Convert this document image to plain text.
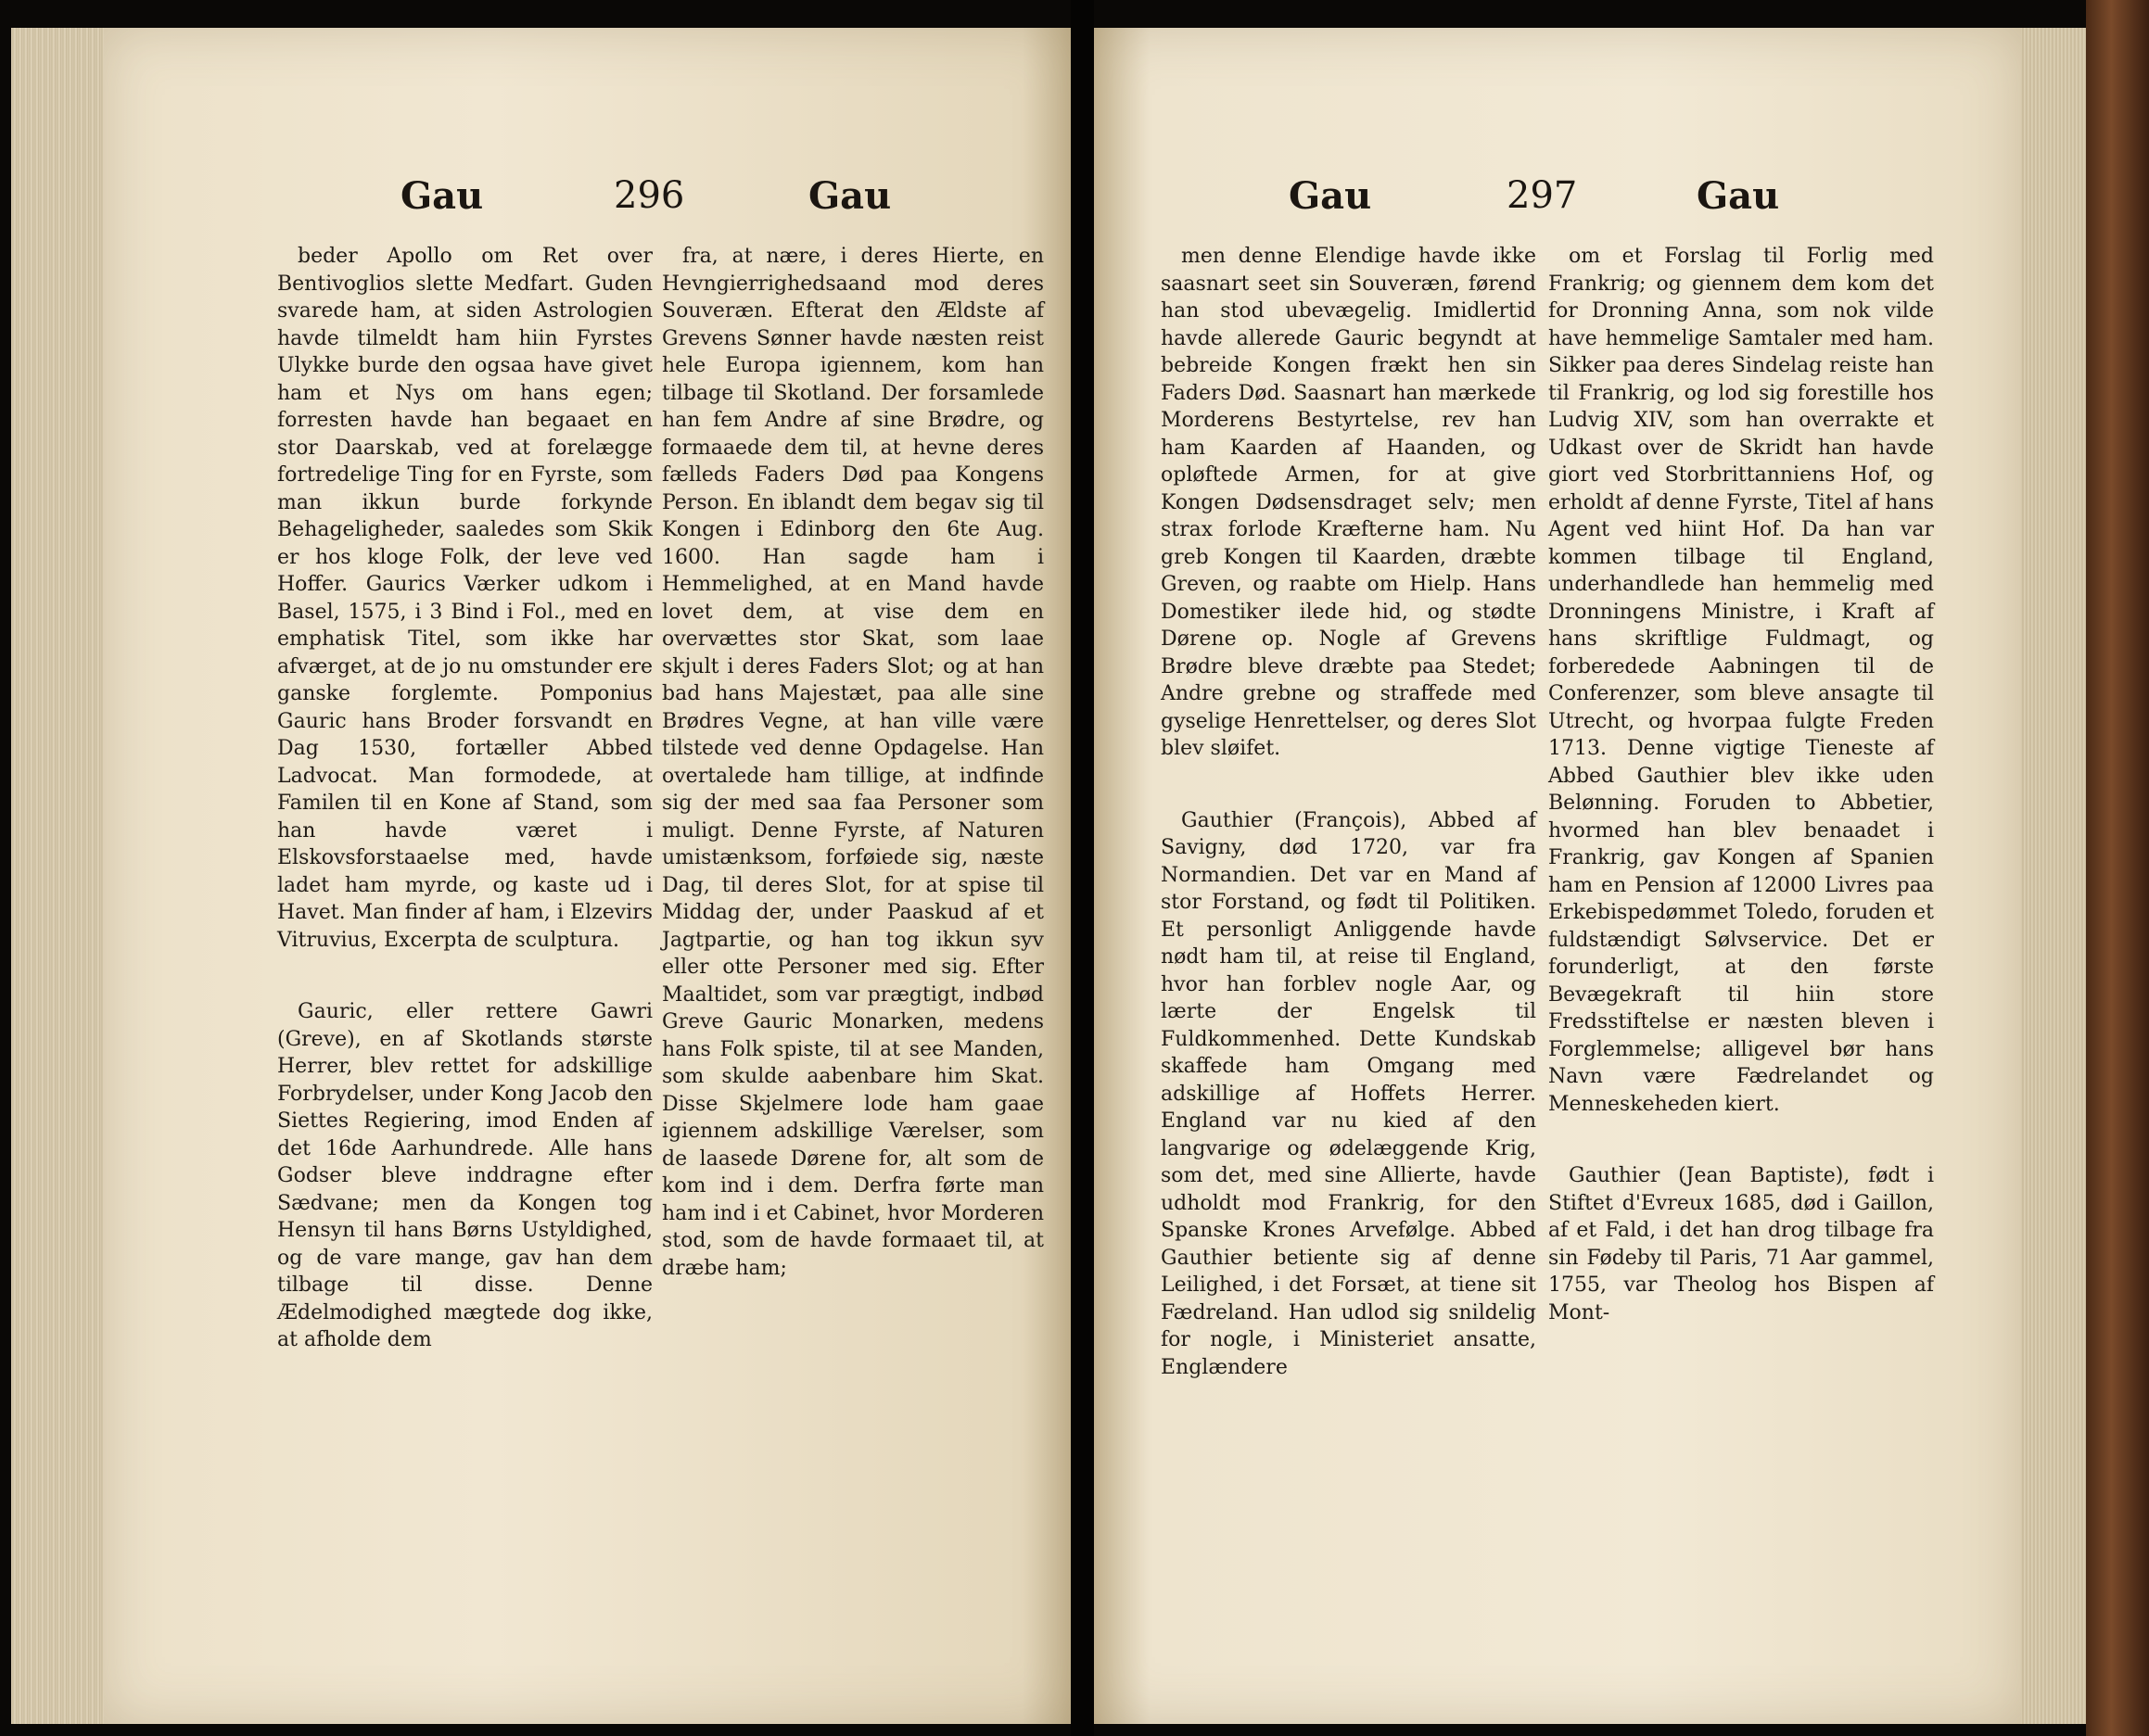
Gau	296	Gau

beder Apollo om Ret over Bentivoglios slette Medfart. Guden svarede ham, at siden Astrologien havde tilmeldt ham hiin Fyrstes Ulykke burde den ogsaa have givet ham et Nys om hans egen; forresten havde han begaaet en stor Daarskab, ved at forelægge fortredelige Ting for en Fyrste, som man ikkun burde forkynde Behageligheder, saaledes som Skik er hos kloge Folk, der leve ved Hoffer. Gaurics Værker udkom i Basel, 1575, i 3 Bind i Fol., med en emphatisk Titel, som ikke har afværget, at de jo nu omstunder ere ganske forglemte. Pomponius Gauric hans Broder forsvandt en Dag 1530, fortæller Abbed Ladvocat. Man formodede, at Familen til en Kone af Stand, som han havde været i Elskovsforstaaelse med, havde ladet ham myrde, og kaste ud i Havet. Man finder af ham, i Elzevirs Vitruvius, Excerpta de sculptura.

Gauric, eller rettere Gawri (Greve), en af Skotlands største Herrer, blev rettet for adskillige Forbrydelser, under Kong Jacob den Siettes Regiering, imod Enden af det 16de Aarhundrede. Alle hans Godser bleve inddragne efter Sædvane; men da Kongen tog Hensyn til hans Børns Ustyldighed, og de vare mange, gav han dem tilbage til disse. Denne Ædelmodighed mægtede dog ikke, at afholde dem

fra, at nære, i deres Hierte, en Hevngierrighedsaand mod deres Souveræn. Efterat den Ældste af Grevens Sønner havde næsten reist hele Europa igiennem, kom han tilbage til Skotland. Der forsamlede han fem Andre af sine Brødre, og formaaede dem til, at hevne deres fælleds Faders Død paa Kongens Person. En iblandt dem begav sig til Kongen i Edinborg den 6te Aug. 1600. Han sagde ham i Hemmelighed, at en Mand havde lovet dem, at vise dem en overvættes stor Skat, som laae skjult i deres Faders Slot; og at han bad hans Majestæt, paa alle sine Brødres Vegne, at han ville være tilstede ved denne Opdagelse. Han overtalede ham tillige, at indfinde sig der med saa faa Personer som muligt. Denne Fyrste, af Naturen umistænksom, forføiede sig, næste Dag, til deres Slot, for at spise til Middag der, under Paaskud af et Jagtpartie, og han tog ikkun syv eller otte Personer med sig. Efter Maaltidet, som var prægtigt, indbød Greve Gauric Monarken, medens hans Folk spiste, til at see Manden, som skulde aabenbare him Skat. Disse Skjelmere lode ham gaae igiennem adskillige Værelser, som de laasede Dørene for, alt som de kom ind i dem. Derfra førte man ham ind i et Cabinet, hvor Morderen stod, som de havde formaaet til, at dræbe ham;

Gau	297	Gau

men denne Elendige havde ikke saasnart seet sin Souveræn, førend han stod ubevægelig. Imidlertid havde allerede Gauric begyndt at bebreide Kongen frækt hen sin Faders Død. Saasnart han mærkede Morderens Bestyrtelse, rev han ham Kaarden af Haanden, og opløftede Armen, for at give Kongen Dødsensdraget selv; men strax forlode Kræfterne ham. Nu greb Kongen til Kaarden, dræbte Greven, og raabte om Hielp. Hans Domestiker ilede hid, og stødte Dørene op. Nogle af Grevens Brødre bleve dræbte paa Stedet; Andre grebne og straffede med gyselige Henrettelser, og deres Slot blev sløifet.

Gauthier (François), Abbed af Savigny, død 1720, var fra Normandien. Det var en Mand af stor Forstand, og født til Politiken. Et personligt Anliggende havde nødt ham til, at reise til England, hvor han forblev nogle Aar, og lærte der Engelsk til Fuldkommenhed. Dette Kundskab skaffede ham Omgang med adskillige af Hoffets Herrer. England var nu kied af den langvarige og ødelæggende Krig, som det, med sine Allierte, havde udholdt mod Frankrig, for den Spanske Krones Arvefølge. Abbed Gauthier betiente sig af denne Leilighed, i det Forsæt, at tiene sit Fædreland. Han udlod sig snildelig for nogle, i Ministeriet ansatte, Englændere

om et Forslag til Forlig med Frankrig; og giennem dem kom det for Dronning Anna, som nok vilde have hemmelige Samtaler med ham. Sikker paa deres Sindelag reiste han til Frankrig, og lod sig forestille hos Ludvig XIV, som han overrakte et Udkast over de Skridt han havde giort ved Storbrittanniens Hof, og erholdt af denne Fyrste, Titel af hans Agent ved hiint Hof. Da han var kommen tilbage til England, underhandlede han hemmelig med Dronningens Ministre, i Kraft af hans skriftlige Fuldmagt, og forberedede Aabningen til de Conferenzer, som bleve ansagte til Utrecht, og hvorpaa fulgte Freden 1713. Denne vigtige Tieneste af Abbed Gauthier blev ikke uden Belønning. Foruden to Abbetier, hvormed han blev benaadet i Frankrig, gav Kongen af Spanien ham en Pension af 12000 Livres paa Erkebispedømmet Toledo, foruden et fuldstændigt Sølvservice. Det er forunderligt, at den første Bevægekraft til hiin store Fredsstiftelse er næsten bleven i Forglemmelse; alligevel bør hans Navn være Fædrelandet og Menneskeheden kiert.

Gauthier (Jean Baptiste), født i Stiftet d'Evreux 1685, død i Gaillon, af et Fald, i det han drog tilbage fra sin Fødeby til Paris, 71 Aar gammel, 1755, var Theolog hos Bispen af Mont-
